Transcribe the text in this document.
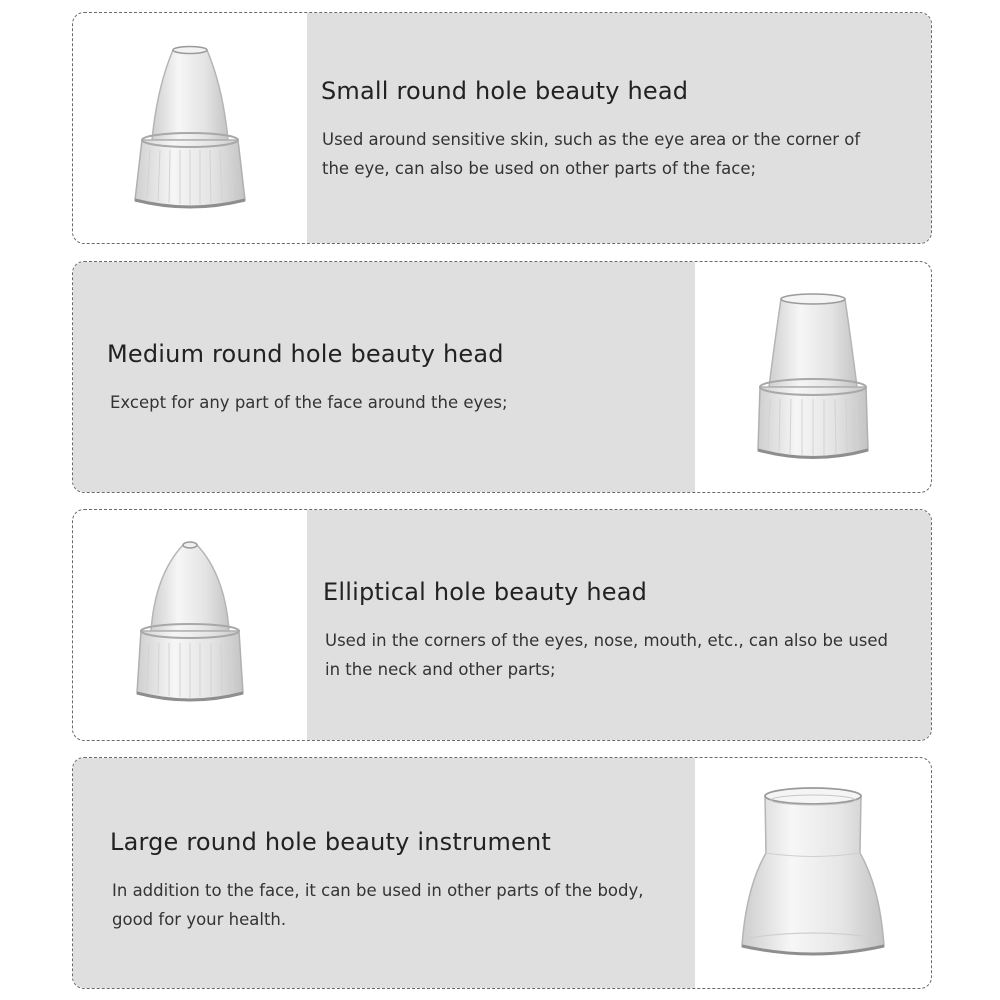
Small round hole beauty head
Used around sensitive skin, such as the eye area or the corner of
the eye, can also be used on other parts of the face;
Medium round hole beauty head
Except for any part of the face around the eyes;
Elliptical hole beauty head
Used in the corners of the eyes, nose, mouth, etc., can also be used
in the neck and other parts;
Large round hole beauty instrument
In addition to the face, it can be used in other parts of the body,
good for your health.
